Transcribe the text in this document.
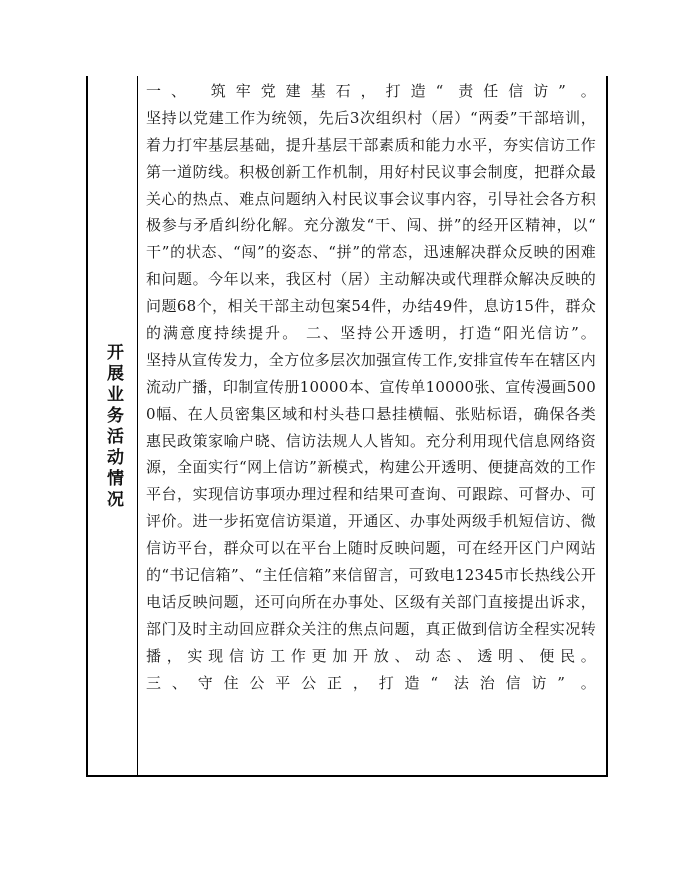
开展业务活动情况
一、 筑牢党建基石，打造“ 责任信访” 。
坚持以党建工作为统领，先后3次组织村（居）“两委”干部培训，
着力打牢基层基础，提升基层干部素质和能力水平，夯实信访工作
第一道防线。积极创新工作机制，用好村民议事会制度，把群众最
关心的热点、难点问题纳入村民议事会议事内容，引导社会各方积
极参与矛盾纠纷化解。充分激发“干、闯、拼”的经开区精神，以“
干”的状态、“闯”的姿态、“拼”的常态，迅速解决群众反映的困难
和问题。今年以来，我区村（居）主动解决或代理群众解决反映的
问题68个，相关干部主动包案54件，办结49件，息访15件，群众
的满意度持续提升。 二、坚持公开透明，打造“阳光信访”。
坚持从宣传发力，全方位多层次加强宣传工作,安排宣传车在辖区内
流动广播，印制宣传册10000本、宣传单10000张、宣传漫画500
0幅、在人员密集区域和村头巷口悬挂横幅、张贴标语，确保各类
惠民政策家喻户晓、信访法规人人皆知。充分利用现代信息网络资
源，全面实行“网上信访”新模式，构建公开透明、便捷高效的工作
平台，实现信访事项办理过程和结果可查询、可跟踪、可督办、可
评价。进一步拓宽信访渠道，开通区、办事处两级手机短信访、微
信访平台，群众可以在平台上随时反映问题，可在经开区门户网站
的“书记信箱”、“主任信箱”来信留言，可致电12345市长热线公开
电话反映问题，还可向所在办事处、区级有关部门直接提出诉求，
部门及时主动回应群众关注的焦点问题，真正做到信访全程实况转
播，实现信访工作更加开放、动态、透明、便民。
三、守住公平公正，打造“ 法治信访” 。
